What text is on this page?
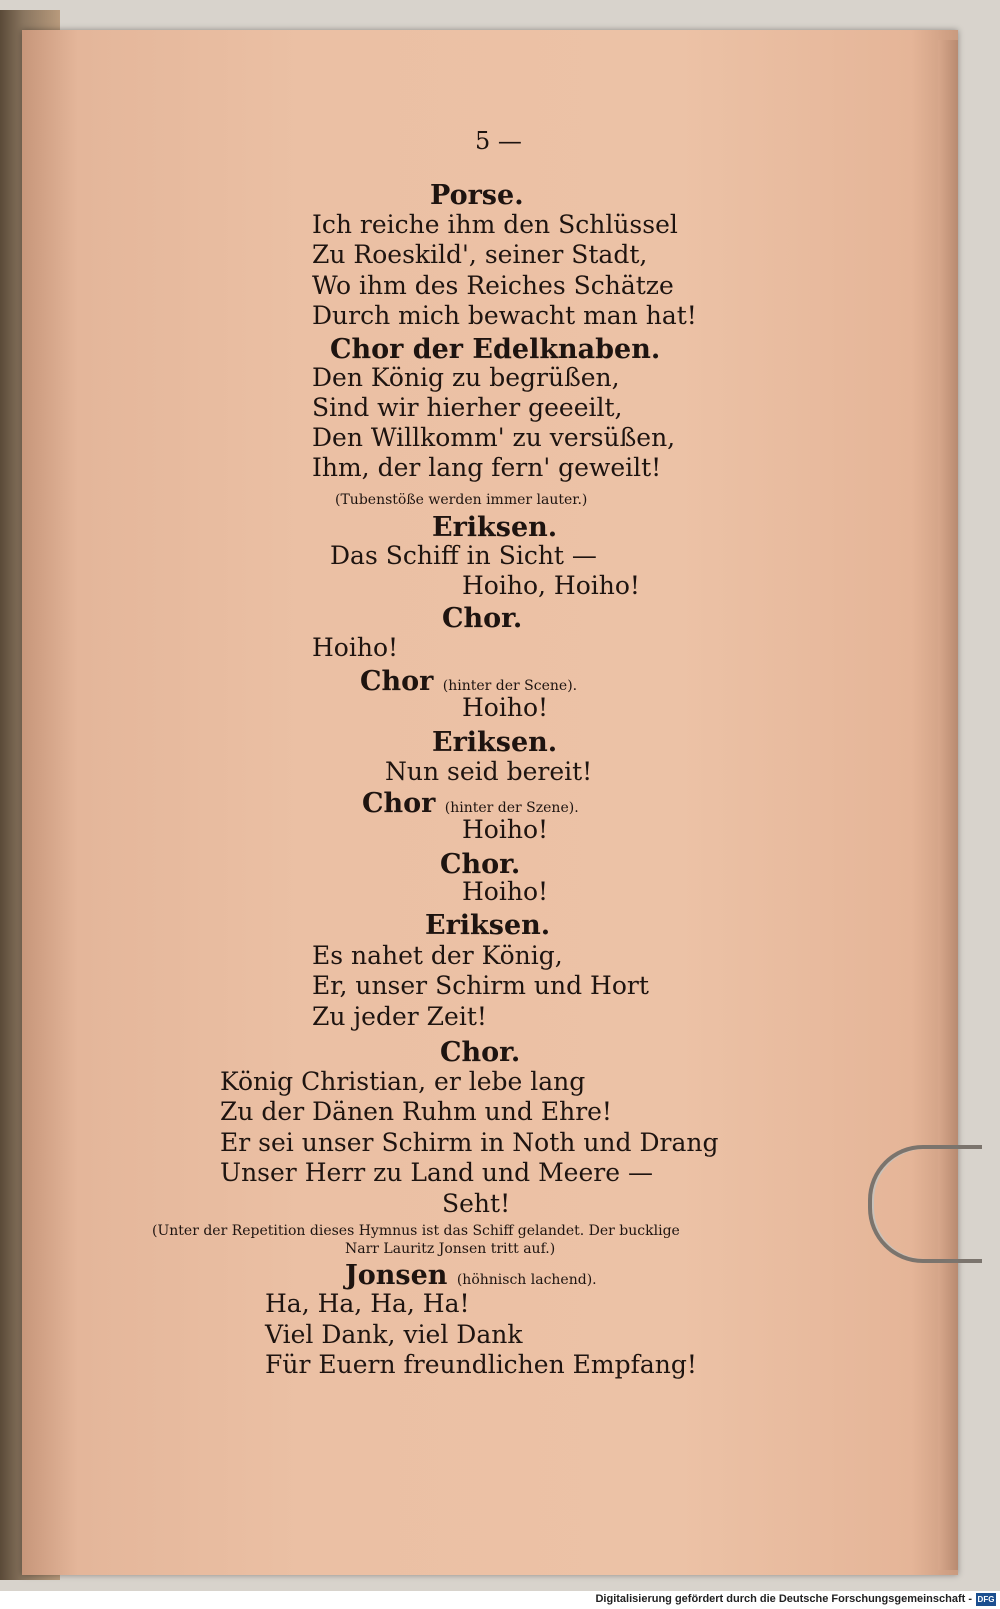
5 —
Porse.
Ich reiche ihm den Schlüssel
Zu Roeskild', seiner Stadt,
Wo ihm des Reiches Schätze
Durch mich bewacht man hat!
Chor der Edelknaben.
Den König zu begrüßen,
Sind wir hierher geeeilt,
Den Willkomm' zu versüßen,
Ihm, der lang fern' geweilt!
(Tubenstöße werden immer lauter.)
Eriksen.
Das Schiff in Sicht —
Hoiho, Hoiho!
Chor.
Hoiho!
Chor (hinter der Scene).
Hoiho!
Eriksen.
Nun seid bereit!
Chor (hinter der Szene).
Hoiho!
Chor.
Hoiho!
Eriksen.
Es nahet der König,
Er, unser Schirm und Hort
Zu jeder Zeit!
Chor.
König Christian, er lebe lang
Zu der Dänen Ruhm und Ehre!
Er sei unser Schirm in Noth und Drang
Unser Herr zu Land und Meere —
Seht!
(Unter der Repetition dieses Hymnus ist das Schiff gelandet. Der bucklige
Narr Lauritz Jonsen tritt auf.)
Jonsen (höhnisch lachend).
Ha, Ha, Ha, Ha!
Viel Dank, viel Dank
Für Euern freundlichen Empfang!
Digitalisierung gefördert durch die Deutsche Forschungsgemeinschaft - DFG
